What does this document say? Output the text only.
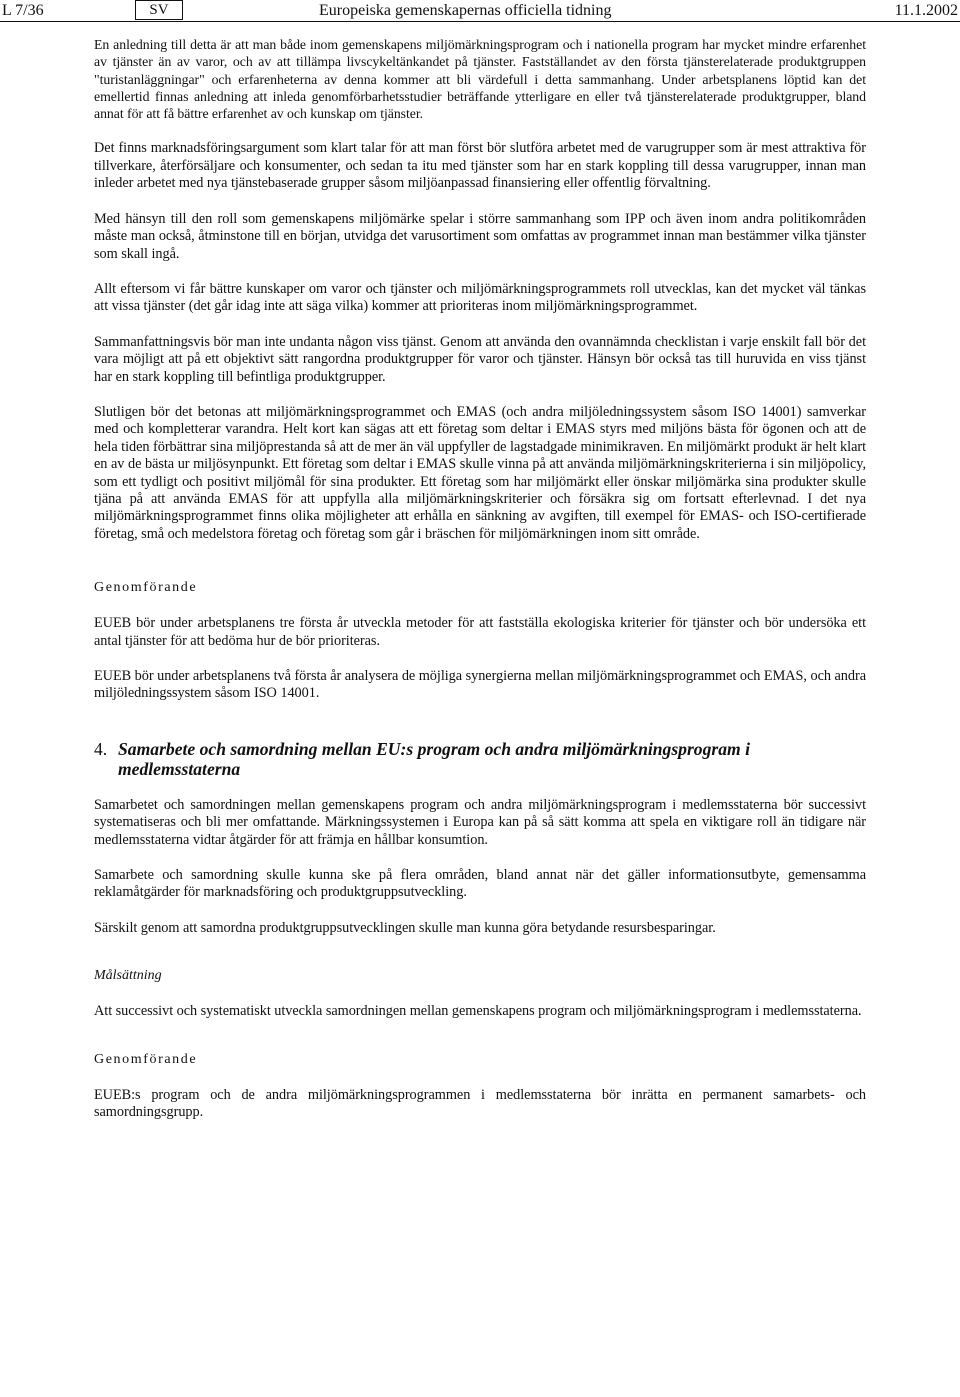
L 7/36	SV	Europeiska gemenskapernas officiella tidning	11.1.2002

En anledning till detta är att man både inom gemenskapens miljömärkningsprogram och i nationella program har mycket mindre erfarenhet av tjänster än av varor, och av att tillämpa livscykeltänkandet på tjänster. Fastställandet av den första tjänsterelaterade produktgruppen "turistanläggningar" och erfarenheterna av denna kommer att bli värdefull i detta sammanhang. Under arbetsplanens löptid kan det emellertid finnas anledning att inleda genomförbarhetsstudier beträffande ytterligare en eller två tjänsterelaterade produktgrupper, bland annat för att få bättre erfarenhet av och kunskap om tjänster.

Det finns marknadsföringsargument som klart talar för att man först bör slutföra arbetet med de varugrupper som är mest attraktiva för tillverkare, återförsäljare och konsumenter, och sedan ta itu med tjänster som har en stark koppling till dessa varugrupper, innan man inleder arbetet med nya tjänstebaserade grupper såsom miljöanpassad finansiering eller offentlig förvaltning.

Med hänsyn till den roll som gemenskapens miljömärke spelar i större sammanhang som IPP och även inom andra politikområden måste man också, åtminstone till en början, utvidga det varusortiment som omfattas av programmet innan man bestämmer vilka tjänster som skall ingå.

Allt eftersom vi får bättre kunskaper om varor och tjänster och miljömärkningsprogrammets roll utvecklas, kan det mycket väl tänkas att vissa tjänster (det går idag inte att säga vilka) kommer att prioriteras inom miljömärkningsprogrammet.

Sammanfattningsvis bör man inte undanta någon viss tjänst. Genom att använda den ovannämnda checklistan i varje enskilt fall bör det vara möjligt att på ett objektivt sätt rangordna produktgrupper för varor och tjänster. Hänsyn bör också tas till huruvida en viss tjänst har en stark koppling till befintliga produktgrupper.

Slutligen bör det betonas att miljömärkningsprogrammet och EMAS (och andra miljöledningssystem såsom ISO 14001) samverkar med och kompletterar varandra. Helt kort kan sägas att ett företag som deltar i EMAS styrs med miljöns bästa för ögonen och att de hela tiden förbättrar sina miljöprestanda så att de mer än väl uppfyller de lagstadgade minimikraven. En miljömärkt produkt är helt klart en av de bästa ur miljösynpunkt. Ett företag som deltar i EMAS skulle vinna på att använda miljömärkningskriterierna i sin miljöpolicy, som ett tydligt och positivt miljömål för sina produkter. Ett företag som har miljömärkt eller önskar miljömärka sina produkter skulle tjäna på att använda EMAS för att uppfylla alla miljömärkningskriterier och försäkra sig om fortsatt efterlevnad. I det nya miljömärkningsprogrammet finns olika möjligheter att erhålla en sänkning av avgiften, till exempel för EMAS- och ISO-certifierade företag, små och medelstora företag och företag som går i bräschen för miljömärkningen inom sitt område.

Genomförande

EUEB bör under arbetsplanens tre första år utveckla metoder för att fastställa ekologiska kriterier för tjänster och bör undersöka ett antal tjänster för att bedöma hur de bör prioriteras.

EUEB bör under arbetsplanens två första år analysera de möjliga synergierna mellan miljömärkningsprogrammet och EMAS, och andra miljöledningssystem såsom ISO 14001.

4. Samarbete och samordning mellan EU:s program och andra miljömärkningsprogram i medlemsstaterna

Samarbetet och samordningen mellan gemenskapens program och andra miljömärkningsprogram i medlemsstaterna bör successivt systematiseras och bli mer omfattande. Märkningssystemen i Europa kan på så sätt komma att spela en viktigare roll än tidigare när medlemsstaterna vidtar åtgärder för att främja en hållbar konsumtion.

Samarbete och samordning skulle kunna ske på flera områden, bland annat när det gäller informationsutbyte, gemensamma reklamåtgärder för marknadsföring och produktgruppsutveckling.

Särskilt genom att samordna produktgruppsutvecklingen skulle man kunna göra betydande resursbesparingar.

Målsättning

Att successivt och systematiskt utveckla samordningen mellan gemenskapens program och miljömärkningsprogram i medlemsstaterna.

Genomförande

EUEB:s program och de andra miljömärkningsprogrammen i medlemsstaterna bör inrätta en permanent samarbets- och samordningsgrupp.
